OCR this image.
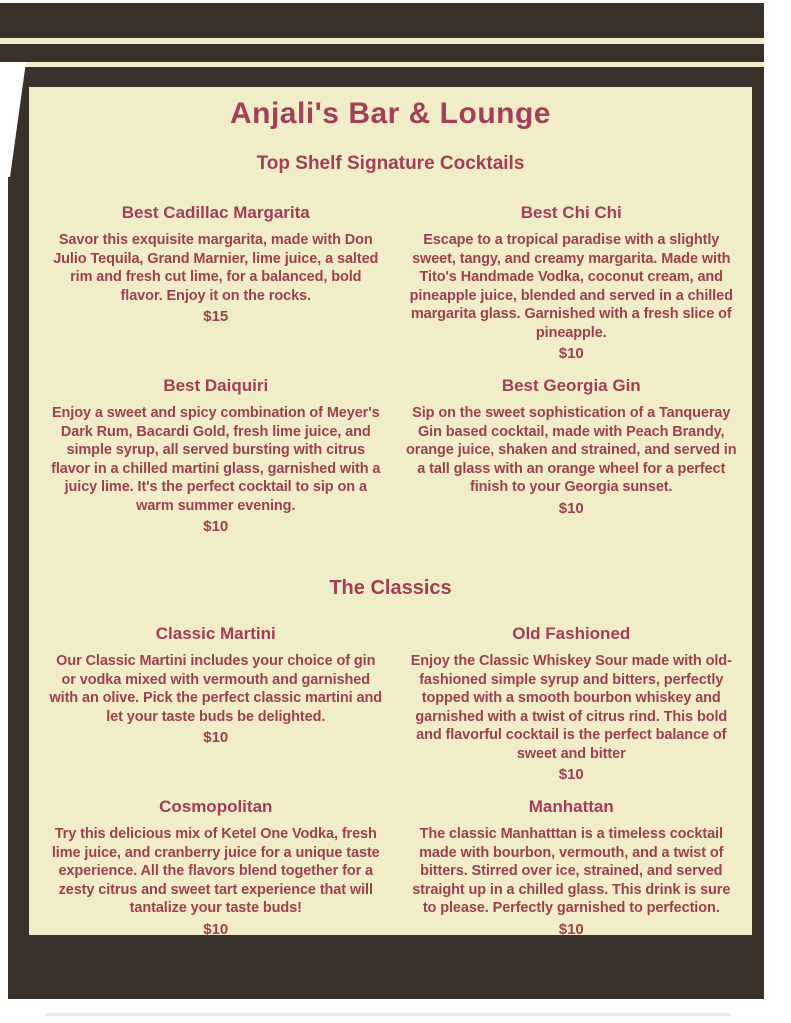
Anjali's Bar & Lounge
Top Shelf Signature Cocktails
Best Cadillac Margarita
Savor this exquisite margarita, made with Don Julio Tequila, Grand Marnier, lime juice, a salted rim and fresh cut lime, for a balanced, bold flavor. Enjoy it on the rocks.
$15
Best Chi Chi
Escape to a tropical paradise with a slightly sweet, tangy, and creamy margarita. Made with Tito's Handmade Vodka, coconut cream, and pineapple juice, blended and served in a chilled margarita glass. Garnished with a fresh slice of pineapple.
$10
Best Daiquiri
Enjoy a sweet and spicy combination of Meyer's Dark Rum, Bacardi Gold, fresh lime juice, and simple syrup, all served bursting with citrus flavor in a chilled martini glass, garnished with a juicy lime. It's the perfect cocktail to sip on a warm summer evening.
$10
Best Georgia Gin
Sip on the sweet sophistication of a Tanqueray Gin based cocktail, made with Peach Brandy, orange juice, shaken and strained, and served in a tall glass with an orange wheel for a perfect finish to your Georgia sunset.
$10
The Classics
Classic Martini
Our Classic Martini includes your choice of gin or vodka mixed with vermouth and garnished with an olive. Pick the perfect classic martini and let your taste buds be delighted.
$10
Old Fashioned
Enjoy the Classic Whiskey Sour made with old-fashioned simple syrup and bitters, perfectly topped with a smooth bourbon whiskey and garnished with a twist of citrus rind. This bold and flavorful cocktail is the perfect balance of sweet and bitter
$10
Cosmopolitan
Try this delicious mix of Ketel One Vodka, fresh lime juice, and cranberry juice for a unique taste experience. All the flavors blend together for a zesty citrus and sweet tart experience that will tantalize your taste buds!
$10
Manhattan
The classic Manhatttan is a timeless cocktail made with bourbon, vermouth, and a twist of bitters. Stirred over ice, strained, and served straight up in a chilled glass. This drink is sure to please. Perfectly garnished to perfection.
$10
